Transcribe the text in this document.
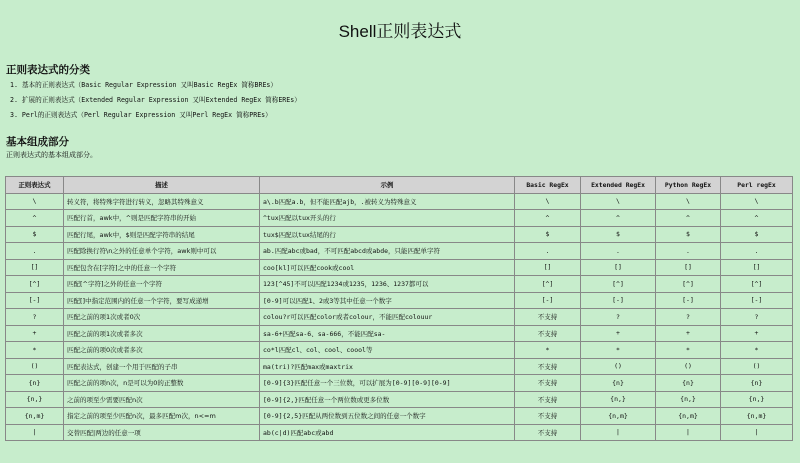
Shell正则表达式
正则表达式的分类
1. 基本的正则表达式（Basic Regular Expression 又叫Basic RegEx 简称BREs）
2. 扩展的正则表达式（Extended Regular Expression 又叫Extended RegEx 简称EREs）
3. Perl的正则表达式（Perl Regular Expression 又叫Perl RegEx 简称PREs）
基本组成部分
正则表达式的基本组成部分。
正则表达式	描述	示例	Basic RegEx	Extended RegEx	Python RegEx	Perl regEx
\	转义符，将特殊字符进行转义，忽略其特殊意义	a\.b匹配a.b，但不能匹配ajb，.被转义为特殊意义	\	\	\	\
^	匹配行首，awk中，^则是匹配字符串的开始	^tux匹配以tux开头的行	^	^	^	^
$	匹配行尾，awk中，$则是匹配字符串的结尾	tux$匹配以tux结尾的行	$	$	$	$
.	匹配除换行符\n之外的任意单个字符，awk则中可以	ab.匹配abc或bad，不可匹配abcd或abde，只能匹配单字符	.	.	.	.
[]	匹配包含在[字符]之中的任意一个字符	coo[kl]可以匹配cook或cool	[]	[]	[]	[]
[^]	匹配[^字符]之外的任意一个字符	123[^45]不可以匹配1234或1235，1236、1237都可以	[^]	[^]	[^]	[^]
[-]	匹配[]中指定范围内的任意一个字符，要写成递增	[0-9]可以匹配1、2或3等其中任意一个数字	[-]	[-]	[-]	[-]
?	匹配之前的项1次或者0次	colou?r可以匹配color或者colour，不能匹配colouur	不支持	?	?	?
+	匹配之前的项1次或者多次	sa-6+匹配sa-6、sa-666，不能匹配sa-	不支持	+	+	+
*	匹配之前的项0次或者多次	co*l匹配cl、col、cool、coool等	*	*	*	*
()	匹配表达式，创建一个用于匹配的子串	ma(tri)?匹配max或maxtrix	不支持	()	()	()
{n}	匹配之前的项n次，n是可以为0的正整数	[0-9]{3}匹配任意一个三位数，可以扩展为[0-9][0-9][0-9]	不支持	{n}	{n}	{n}
{n,}	之前的项至少需要匹配n次	[0-9]{2,}匹配任意一个两位数或更多位数	不支持	{n,}	{n,}	{n,}
{n,m}	指定之前的项至少匹配n次，最多匹配m次，n<=m	[0-9]{2,5}匹配从两位数到五位数之间的任意一个数字	不支持	{n,m}	{n,m}	{n,m}
|	交替匹配|两边的任意一项	ab(c|d)匹配abc或abd	不支持	|	|	|
